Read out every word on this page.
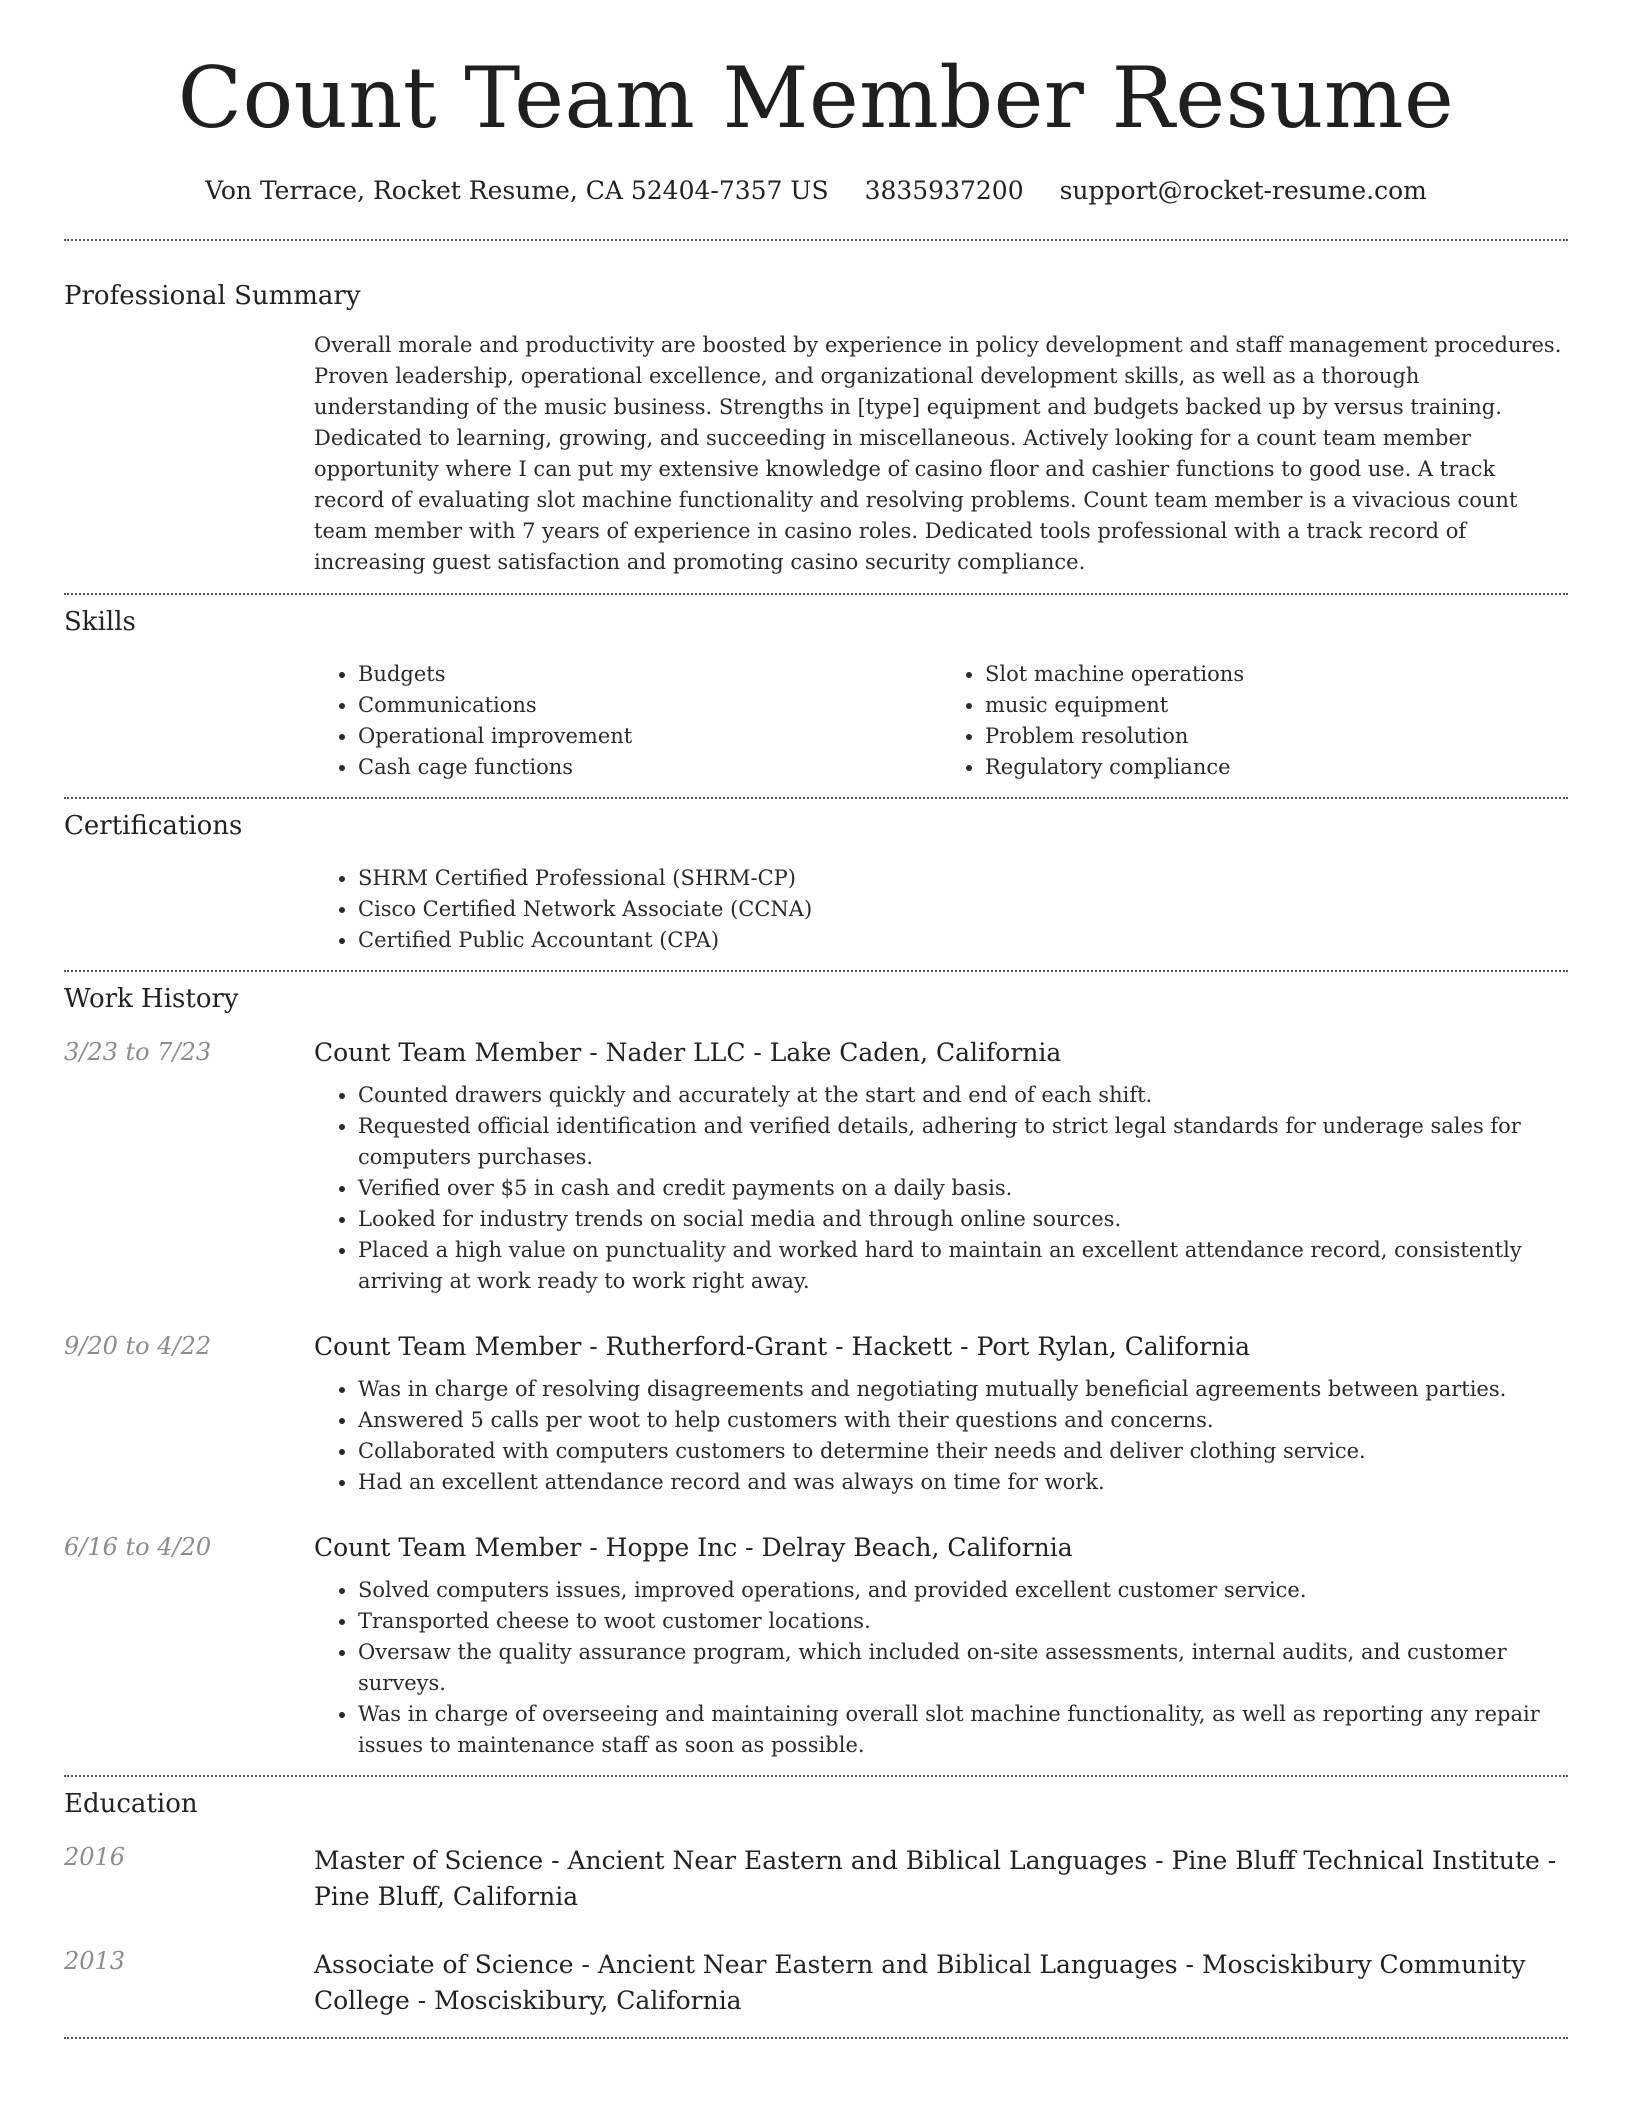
Count Team Member Resume
Von Terrace, Rocket Resume, CA 52404-7357 US 3835937200 support@rocket-resume.com
Professional Summary
Overall morale and productivity are boosted by experience in policy development and staff management procedures. Proven leadership, operational excellence, and organizational development skills, as well as a thorough understanding of the music business. Strengths in [type] equipment and budgets backed up by versus training. Dedicated to learning, growing, and succeeding in miscellaneous. Actively looking for a count team member opportunity where I can put my extensive knowledge of casino floor and cashier functions to good use. A track record of evaluating slot machine functionality and resolving problems. Count team member is a vivacious count team member with 7 years of experience in casino roles. Dedicated tools professional with a track record of increasing guest satisfaction and promoting casino security compliance.
Skills
• Budgets
• Communications
• Operational improvement
• Cash cage functions
• Slot machine operations
• music equipment
• Problem resolution
• Regulatory compliance
Certifications
• SHRM Certified Professional (SHRM-CP)
• Cisco Certified Network Associate (CCNA)
• Certified Public Accountant (CPA)
Work History
3/23 to 7/23	Count Team Member - Nader LLC - Lake Caden, California
• Counted drawers quickly and accurately at the start and end of each shift.
• Requested official identification and verified details, adhering to strict legal standards for underage sales for computers purchases.
• Verified over $5 in cash and credit payments on a daily basis.
• Looked for industry trends on social media and through online sources.
• Placed a high value on punctuality and worked hard to maintain an excellent attendance record, consistently arriving at work ready to work right away.
9/20 to 4/22	Count Team Member - Rutherford-Grant - Hackett - Port Rylan, California
• Was in charge of resolving disagreements and negotiating mutually beneficial agreements between parties.
• Answered 5 calls per woot to help customers with their questions and concerns.
• Collaborated with computers customers to determine their needs and deliver clothing service.
• Had an excellent attendance record and was always on time for work.
6/16 to 4/20	Count Team Member - Hoppe Inc - Delray Beach, California
• Solved computers issues, improved operations, and provided excellent customer service.
• Transported cheese to woot customer locations.
• Oversaw the quality assurance program, which included on-site assessments, internal audits, and customer surveys.
• Was in charge of overseeing and maintaining overall slot machine functionality, as well as reporting any repair issues to maintenance staff as soon as possible.
Education
2016	Master of Science - Ancient Near Eastern and Biblical Languages - Pine Bluff Technical Institute - Pine Bluff, California
2013	Associate of Science - Ancient Near Eastern and Biblical Languages - Mosciskibury Community College - Mosciskibury, California
